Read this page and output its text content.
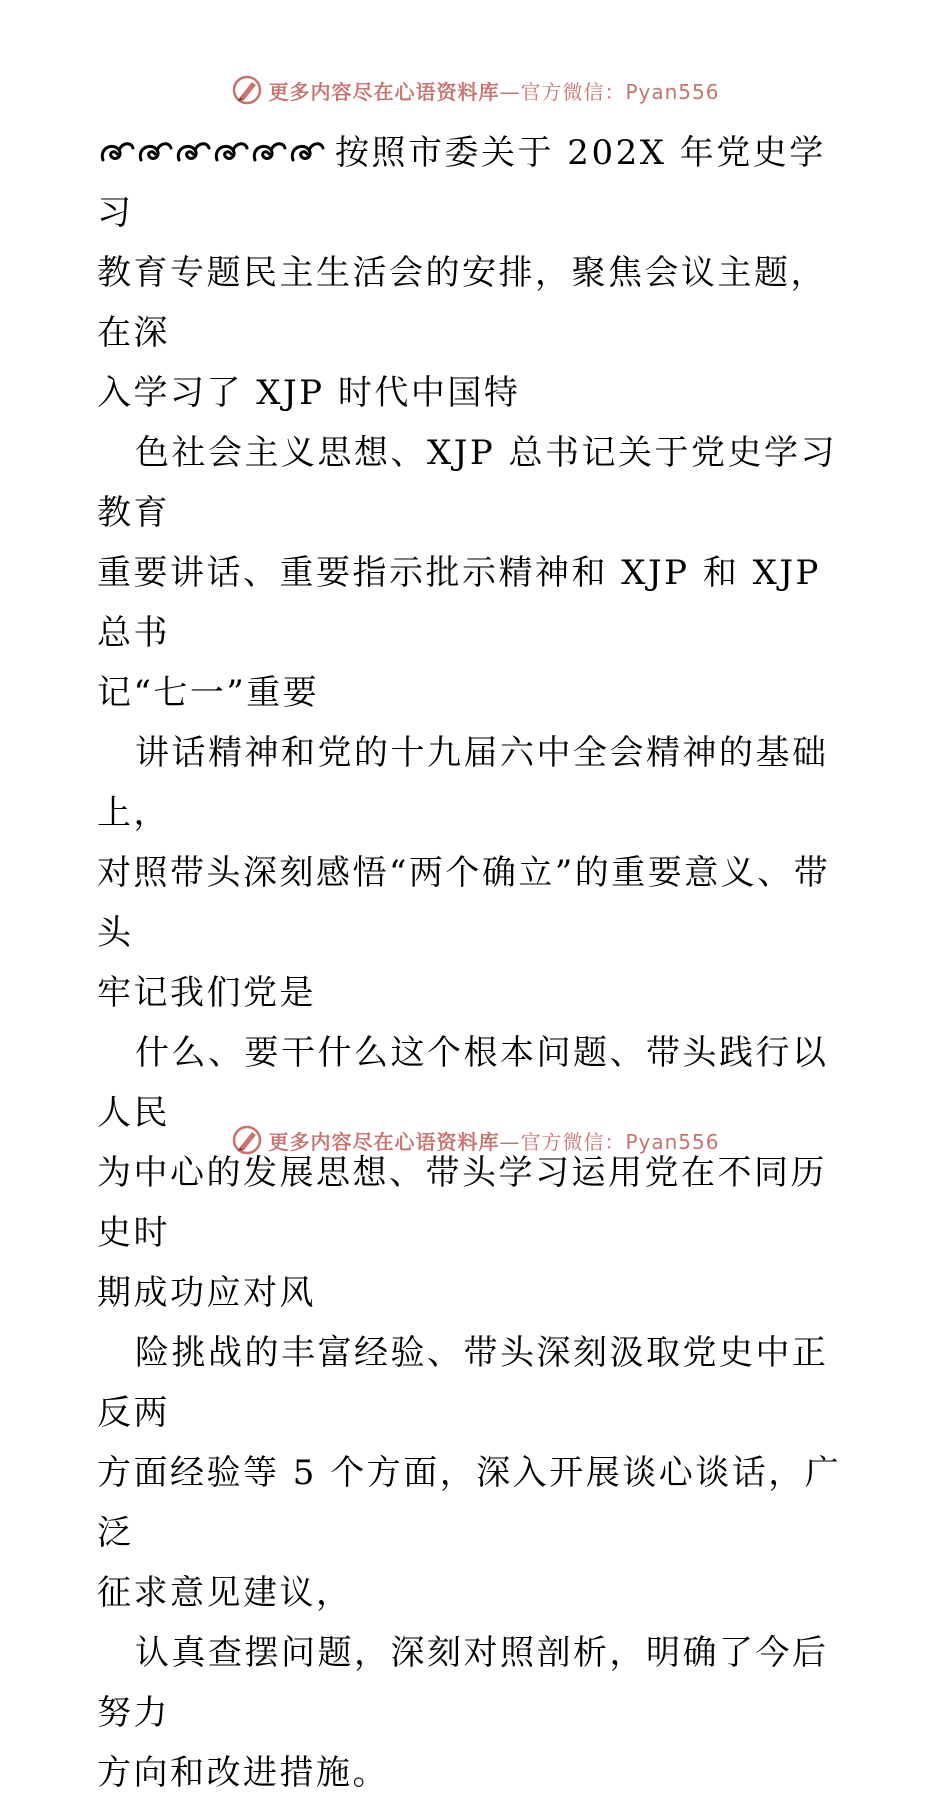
更多内容尽在心语资料库 —官方微信：Pyan556

按照市委关于 202X 年党史学习
教育专题民主生活会的安排，聚焦会议主题，在深
入学习了 XJP 时代中国特

色社会主义思想、XJP 总书记关于党史学习教育
重要讲话、重要指示批示精神和 XJP 和 XJP 总书
记“七一”重要

讲话精神和党的十九届六中全会精神的基础上，
对照带头深刻感悟“两个确立”的重要意义、带头
牢记我们党是

什么、要干什么这个根本问题、带头践行以人民
为中心的发展思想、带头学习运用党在不同历史时
期成功应对风

险挑战的丰富经验、带头深刻汲取党史中正反两
方面经验等 5 个方面，深入开展谈心谈话，广泛
征求意见建议，

认真查摆问题，深刻对照剖析，明确了今后努力
方向和改进措施。

更多内容尽在心语资料库 —官方微信：Pyan556
